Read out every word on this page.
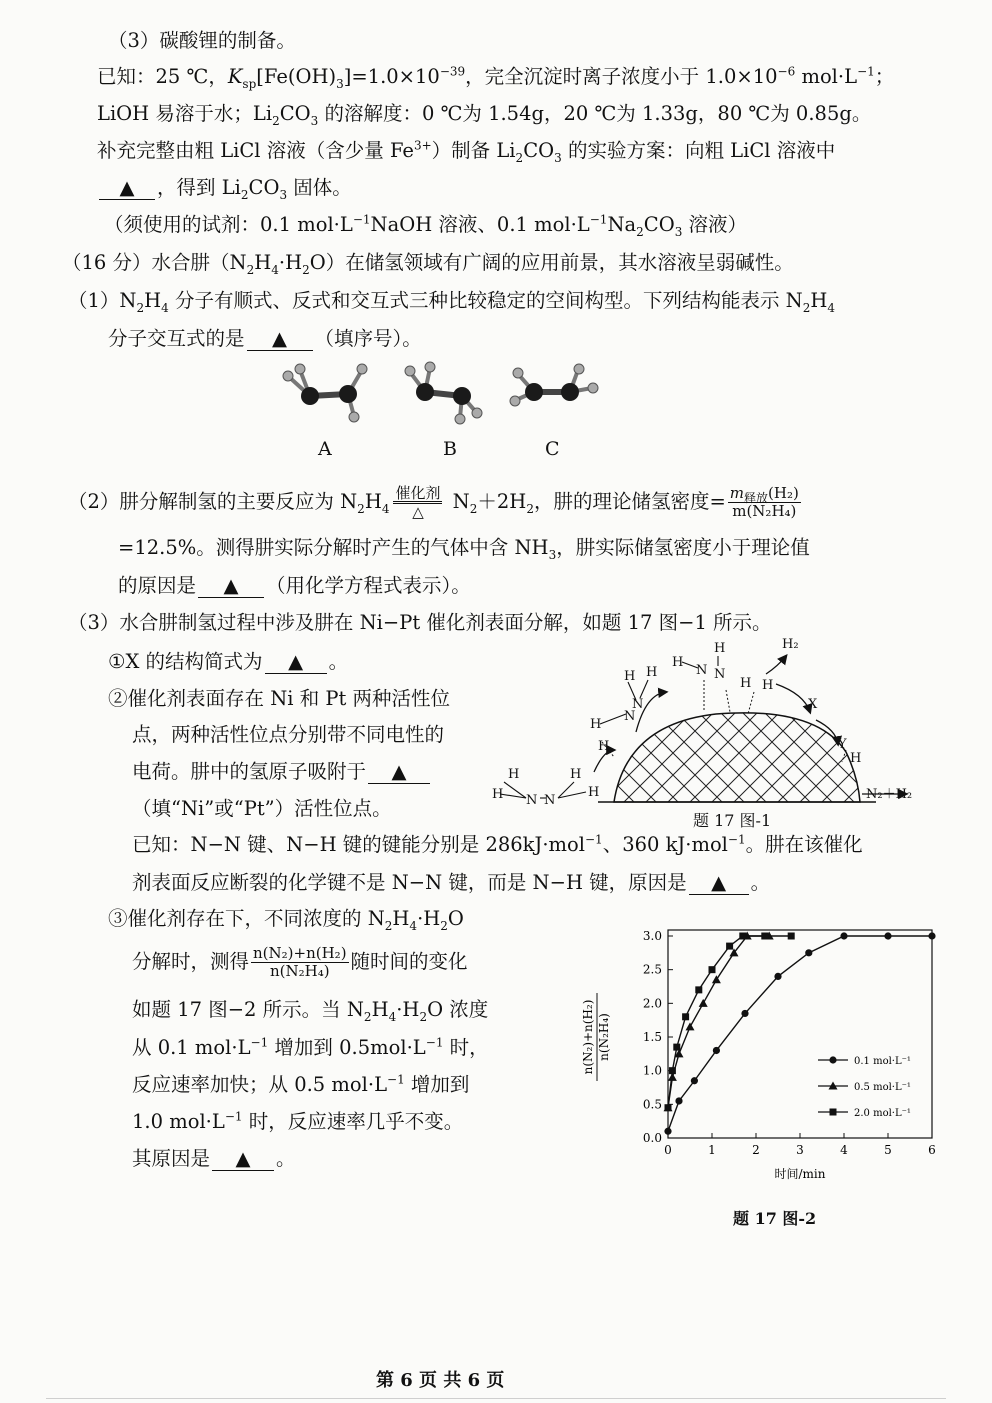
（3）碳酸锂的制备。
已知：25 ℃，$K_{sp}[Fe(OH)_3]=1.0\times 10^{-39}$，完全沉淀时离子浓度小于 $1.0\times 10^{-6}$ $mol\cdot L^{-1}$；
LiOH 易溶于水；$Li_2CO_3$ 的溶解度：0 ℃为 1.54g，20 ℃为 1.33g，80 ℃为 0.85g。
补充完整由粗 LiCl 溶液（含少量 $Fe^{3+}$）制备 $Li_2CO_3$ 的实验方案：向粗 LiCl 溶液中
▲ ，得到 $Li_2CO_3$ 固体。
（须使用的试剂：0.1 $mol\cdot L^{-1}NaOH$ 溶液、0.1 $mol\cdot L^{-1}Na_2CO_3$ 溶液）
（16 分）水合肼$(N_2H_4\cdot H_2O)$在储氢领域有广阔的应用前景，其水溶液呈弱碱性。
$(1)N_2H_4$ 分子有顺式、反式和交互式三种比较稳定的空间构型。下列结构能表示 $N_2H_4$
分子交互式的是 ▲ （填序号）。
A	B	C
（2）肼分解制氢的主要反应为 $N_2H_4$
催化剂
△	$N_2+2H_2$，肼的理论储氢密度= $\frac{m_{释放}(H_2)}{\text{m(N₂H₄)}}$
=12.5%。测得肼实际分解时产生的气体中含 $NH_3$，肼实际储氢密度小于理论值
的原因是 ▲ （用化学方程式表示）。
（3）水合肼制氢过程中涉及肼在 Ni−Pt 催化剂表面分解，如题 17 图−1 所示。
①X 的结构简式为 ▲ 。
②催化剂表面存在 Ni 和 Pt 两种活性位
点，两种活性位点分别带不同电性的
电荷。肼中的氢原子吸附于 ▲
（填“Ni”或“Pt”）活性位点。
H H
H
N
N
H
H
H
N N
H H
H₂
X
Y
H
H
H N N
H
H	N₂＋H₂
题 17 图-1
已知：N−N 键、N−H 键的键能分别是 286kJ·mol$^{-1}$、360 kJ·mol$^{-1}$。肼在该催化
剂表面反应断裂的化学键不是 N−N 键，而是 N−H 键，原因是 ▲ 。
③催化剂存在下，不同浓度的 $N_2H_4\cdot H_2O$
分解时，测得 $\frac{\text{n(N₂)+n(H₂)}}{\text{n(N₂H₄)}}$ 随时间的变化
如题 17 图−2 所示。当 $N_2H_4\cdot H_2O$ 浓度
从 0.1 $mol\cdot L^{-1}$ 增加到 $0.5mol\cdot L^{-1}$ 时，
反应速率加快；从 0.5 $mol\cdot L^{-1}$ 增加到
1.0 $mol\cdot L^{-1}$ 时，反应速率几乎不变。
其原因是 ▲ 。
0.0
0.5
1.0
1.5
2.0
2.5
3.0
0	1	2	3	4	5	6
时间/min
n(N₂)+n(H₂) n(N₂H₄)
0.1 mol·L⁻¹
0.5 mol·L⁻¹
2.0 mol·L⁻¹
题 17 图-2
第 6 页 共 6 页
